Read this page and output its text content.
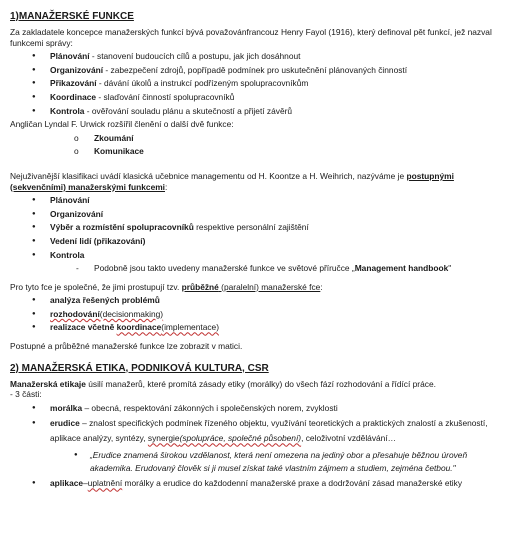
1)MANAŽERSKÉ FUNKCE

Za zakladatele koncepce manažerských funkcí bývá považovánfrancouz Henry Fayol (1916), který definoval pět funkcí, jež nazval funkcemi správy:

● Plánování - stanovení budoucích cílů a postupu, jak jich dosáhnout
● Organizování - zabezpečení zdrojů, popřípadě podmínek pro uskutečnění plánovaných činností
● Přikazování - dávání úkolů a instrukcí podřízeným spolupracovníkům
● Koordinace - slaďování činností spolupracovníků
● Kontrola - ověřování souladu plánu a skutečností a přijetí závěrů

Angličan Lyndal F. Urwick rozšířil členění o další dvě funkce:

o Zkoumání
o Komunikace

Nejuživanější klasifikaci uvádí klasická učebnice managementu od H. Koontze a H. Weihrich, nazýváme je postupnými
(sekvenčními) manažerskými funkcemi:

● Plánování
● Organizování
● Výběr a rozmístění spolupracovníků respektive personální zajištění
● Vedení lidí (přikazování)
● Kontrola
- Podobně jsou takto uvedeny manažerské funkce ve světové příručce „Management handbook"

Pro tyto fce je společné, že jimi prostupují tzv. průběžné (paralelní) manažerské fce:

● analýza řešených problémů
● rozhodování(decisionmaking)
● realizace včetně koordinace(implementace)

Postupné a průběžné manažerské funkce lze zobrazit v matici.

2) MANAŽERSKÁ ETIKA, PODNIKOVÁ KULTURA, CSR

Manažerská etikaje úsilí manažerů, které promítá zásady etiky (morálky) do všech fází rozhodování a řídící práce.

- 3 části:

● morálka – obecná, respektování zákonných i společenských norem, zvyklosti
● erudice – znalost specifických podmínek řízeného objektu, využívání teoretických a praktických znalostí a zkušeností, aplikace analýzy, syntézy, synergie(spolupráce, společné působení), celoživotní vzdělávání…
● „Erudice znamená širokou vzdělanost, která není omezena na jediný obor a přesahuje běžnou úroveň akademika. Erudovaný člověk si ji musel získat také vlastním zájmem a studiem, zejména četbou."
● aplikace–uplatnění morálky a erudice do každodenní manažerské praxe a dodržování zásad manažerské etiky
